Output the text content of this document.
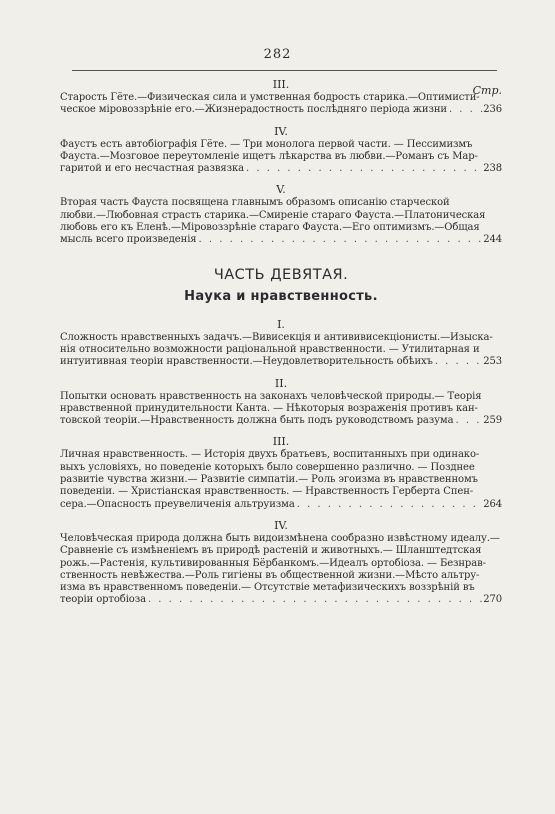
282
III.	Стр.
Старость Гёте.—Физическая сила и умственная бодрость старика.—Оптимисти-
ческое міровоззрѣніе его.—Жизнерадостность послѣдняго періода жизни . . .	236
IV.
Фаустъ есть автобіографія Гёте. — Три монолога первой части. — Пессимизмъ
Фауста.—Мозговое переутомленіе ищетъ лѣкарства въ любви.—Романъ съ Мар-
гаритой и его несчастная развязка . . .	238
V.
Вторая часть Фауста посвящена главнымъ образомъ описанію старческой
любви.—Любовная страсть старика.—Смиреніе стараго Фауста.—Платоническая
любовь его къ Еленѣ.—Міровоззрѣніе стараго Фауста.—Его оптимизмъ.—Общая
мысль всего произведенія . . .	244
ЧАСТЬ ДЕВЯТАЯ.
Наука и нравственность.
I.
Сложность нравственныхъ задачъ.—Вивисекція и антививисекціонисты.—Изыска-
нія относительно возможности раціональной нравственности. — Утилитарная и
интуитивная теоріи нравственности.—Неудовлетворительность обѣихъ . . .	253
II.
Попытки основать нравственность на законахъ человѣческой природы.— Теорія
нравственной принудительности Канта. — Нѣкоторыя возраженія противъ кан-
товской теоріи.—Нравственность должна быть подъ руководствомъ разума . . .	259
III.
Личная нравственность. — Исторія двухъ братьевъ, воспитанныхъ при одинако-
выхъ условіяхъ, но поведеніе которыхъ было совершенно различно. — Позднее
развитіе чувства жизни.— Развитіе симпатіи.— Роль эгоизма въ нравственномъ
поведеніи. — Христіанская нравственность. — Нравственность Герберта Спен-
сера.—Опасность преувеличенія альтруизма . . .	264
IV.
Человѣческая природа должна быть видоизмѣнена сообразно извѣстному идеалу.—
Сравненіе съ измѣненіемъ въ природѣ растеній и животныхъ.— Шланштедтская
рожь.—Растенія, культивированныя Бёрбанкомъ.—Идеалъ ортобіоза. — Безнрав-
ственность невѣжества.—Роль гигіены въ общественной жизни.—Мѣсто альтру-
изма въ нравственномъ поведеніи.— Отсутствіе метафизическихъ воззрѣній въ
теоріи ортобіоза . . .	270
